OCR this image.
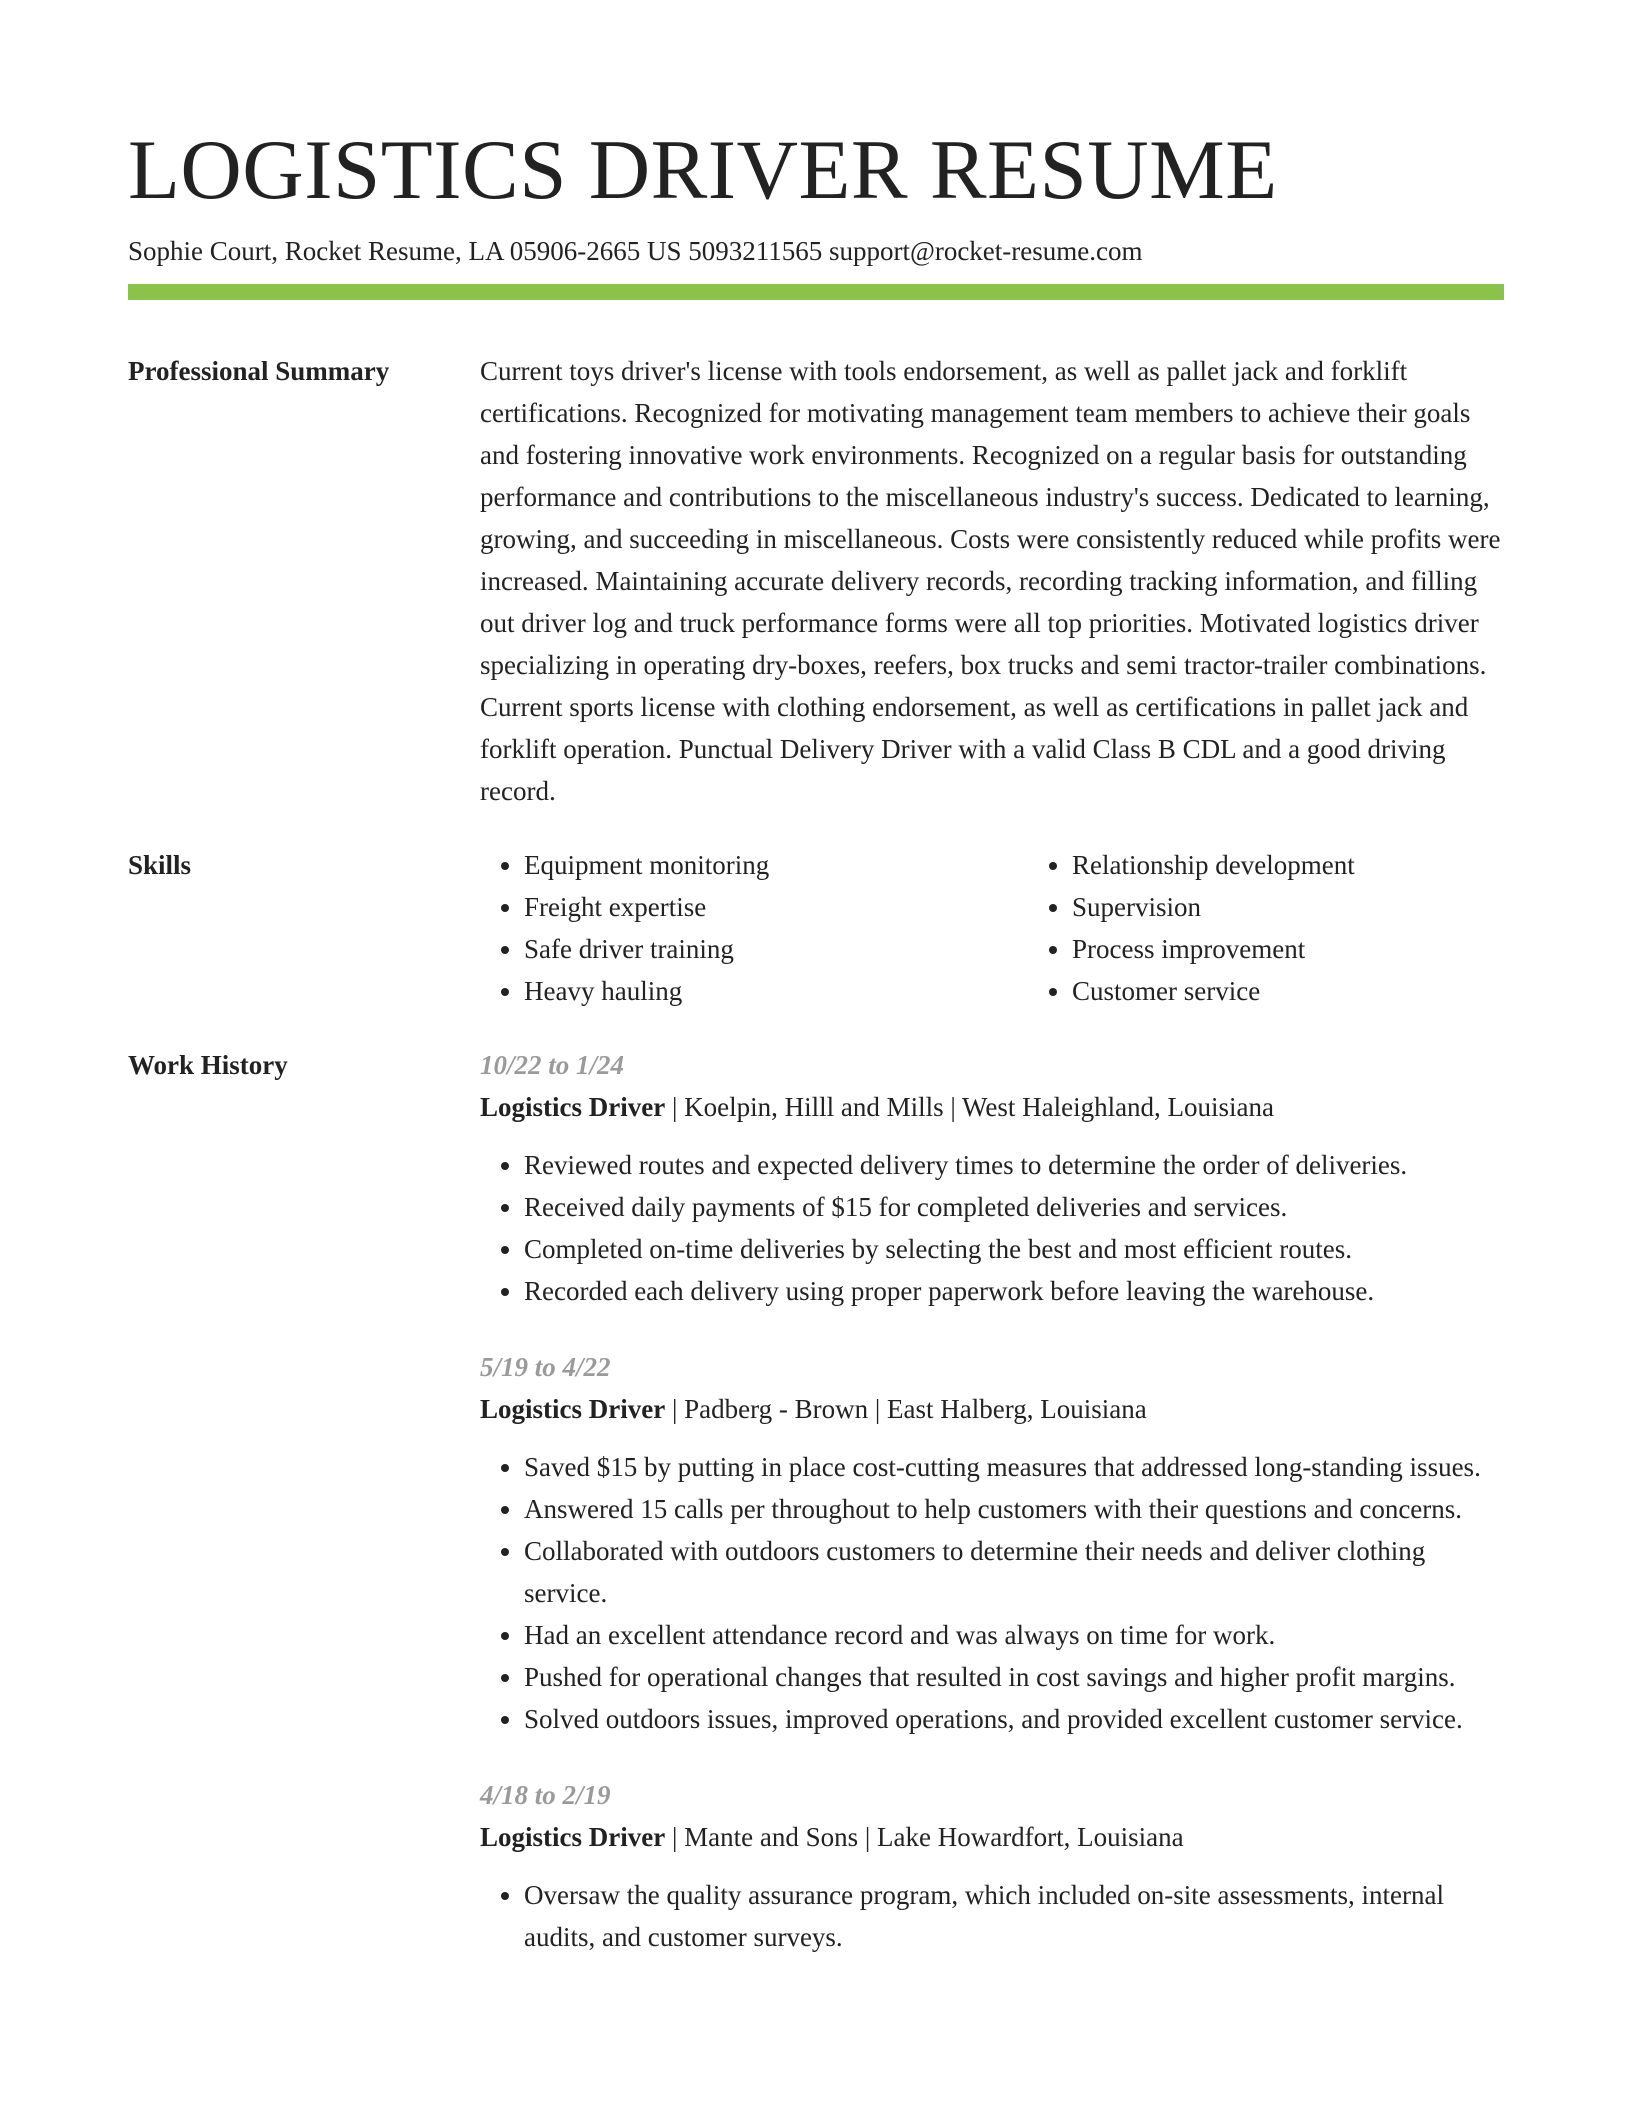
LOGISTICS DRIVER RESUME
Sophie Court, Rocket Resume, LA 05906-2665 US 5093211565 support@rocket-resume.com
Professional Summary	Current toys driver's license with tools endorsement, as well as pallet jack and forklift certifications. Recognized for motivating management team members to achieve their goals and fostering innovative work environments. Recognized on a regular basis for outstanding performance and contributions to the miscellaneous industry's success. Dedicated to learning, growing, and succeeding in miscellaneous. Costs were consistently reduced while profits were increased. Maintaining accurate delivery records, recording tracking information, and filling out driver log and truck performance forms were all top priorities. Motivated logistics driver specializing in operating dry-boxes, reefers, box trucks and semi tractor-trailer combinations. Current sports license with clothing endorsement, as well as certifications in pallet jack and forklift operation. Punctual Delivery Driver with a valid Class B CDL and a good driving record.

Skills
•	Equipment monitoring
• Freight expertise
• Safe driver training
• Heavy hauling
• Relationship development
• Supervision
• Process improvement
• Customer service
Work History	10/22 to 1/24
Logistics Driver | Koelpin, Hilll and Mills | West Haleighland, Louisiana
• Reviewed routes and expected delivery times to determine the order of deliveries.
• Received daily payments of $15 for completed deliveries and services.
• Completed on-time deliveries by selecting the best and most efficient routes.
• Recorded each delivery using proper paperwork before leaving the warehouse.
5/19 to 4/22
Logistics Driver | Padberg - Brown | East Halberg, Louisiana
• Saved $15 by putting in place cost-cutting measures that addressed long-standing issues.
• Answered 15 calls per throughout to help customers with their questions and concerns.
• Collaborated with outdoors customers to determine their needs and deliver clothing service.
• Had an excellent attendance record and was always on time for work.
• Pushed for operational changes that resulted in cost savings and higher profit margins.
• Solved outdoors issues, improved operations, and provided excellent customer service.
4/18 to 2/19
Logistics Driver | Mante and Sons | Lake Howardfort, Louisiana
• Oversaw the quality assurance program, which included on-site assessments, internal audits, and customer surveys.
